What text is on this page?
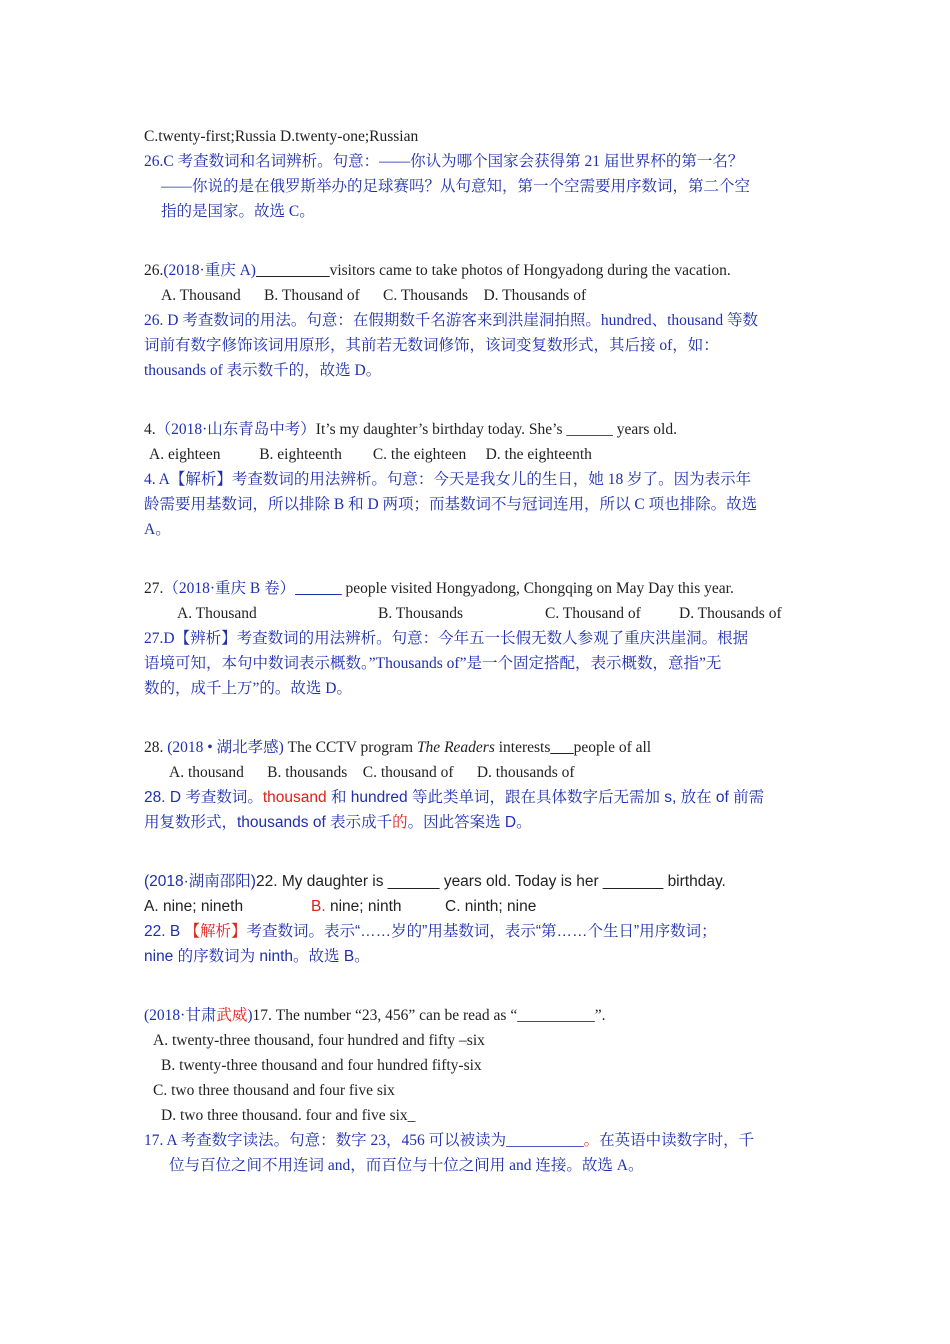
C.twenty-first;Russia D.twenty-one;Russian
26.C 考查数词和名词辨析。句意：——你认为哪个国家会获得第 21 届世界杯的第一名？
——你说的是在俄罗斯举办的足球赛吗？从句意知，第一个空需要用序数词，第二个空
指的是国家。故选 C。
26.(2018·重庆 A) _________visitors came to take photos of Hongyadong during the vacation.
A. Thousand      B. Thousand of      C. Thousands    D. Thousands of
26. D 考查数词的用法。句意：在假期数千名游客来到洪崖洞拍照。hundred、thousand 等数
词前有数字修饰该词用原形，其前若无数词修饰，该词变复数形式，其后接 of，如：
thousands of 表示数千的，故选 D。
4.（2018·山东青岛中考）It’s my daughter’s birthday today. She’s ______ years old.
A. eighteen          B. eighteenth        C. the eighteen     D. the eighteenth
4. A【解析】考查数词的用法辨析。句意：今天是我女儿的生日，她 18 岁了。因为表示年
龄需要用基数词，所以排除 B 和 D 两项；而基数词不与冠词连用，所以 C 项也排除。故选
A。
27.（2018·重庆 B 卷）______ people visited Hongyadong, Chongqing on May Day this year.
A. Thousand	B. Thousands	C. Thousand of D. Thousands of
27.D【辨析】考查数词的用法辨析。句意：今年五一长假无数人参观了重庆洪崖洞。根据
语境可知，本句中数词表示概数。”Thousands of”是一个固定搭配，表示概数，意指”无
数的，成千上万”的。故选 D。
28. (2018 • 湖北孝感) The CCTV program The Readers interests___people of all
A. thousand      B. thousands    C. thousand of      D. thousands of
28. D 考查数词。thousand 和 hundred 等此类单词，跟在具体数字后无需加 s, 放在 of 前需
用复数形式，thousands of 表示成千的。因此答案选 D。
(2018·湖南邵阳)22. My daughter is ______ years old. Today is her _______ birthday.
A. nine; nineth	B. nine; ninth	C. ninth; nine
22. B 【解析】考查数词。表示“……岁的”用基数词，表示“第……个生日”用序数词；
nine 的序数词为 ninth。故选 B。
(2018·甘肃武威)17. The number “23, 456” can be read as “__________”.
A. twenty-three thousand, four hundred and fifty –six
B. twenty-three thousand and four hundred fifty-six
C. two three thousand and four five six
D. two three thousand. four and five six_
17. A 考查数字读法。句意：数字 23，456 可以被读为__________。在英语中读数字时，千
位与百位之间不用连词 and，而百位与十位之间用 and 连接。故选 A。
